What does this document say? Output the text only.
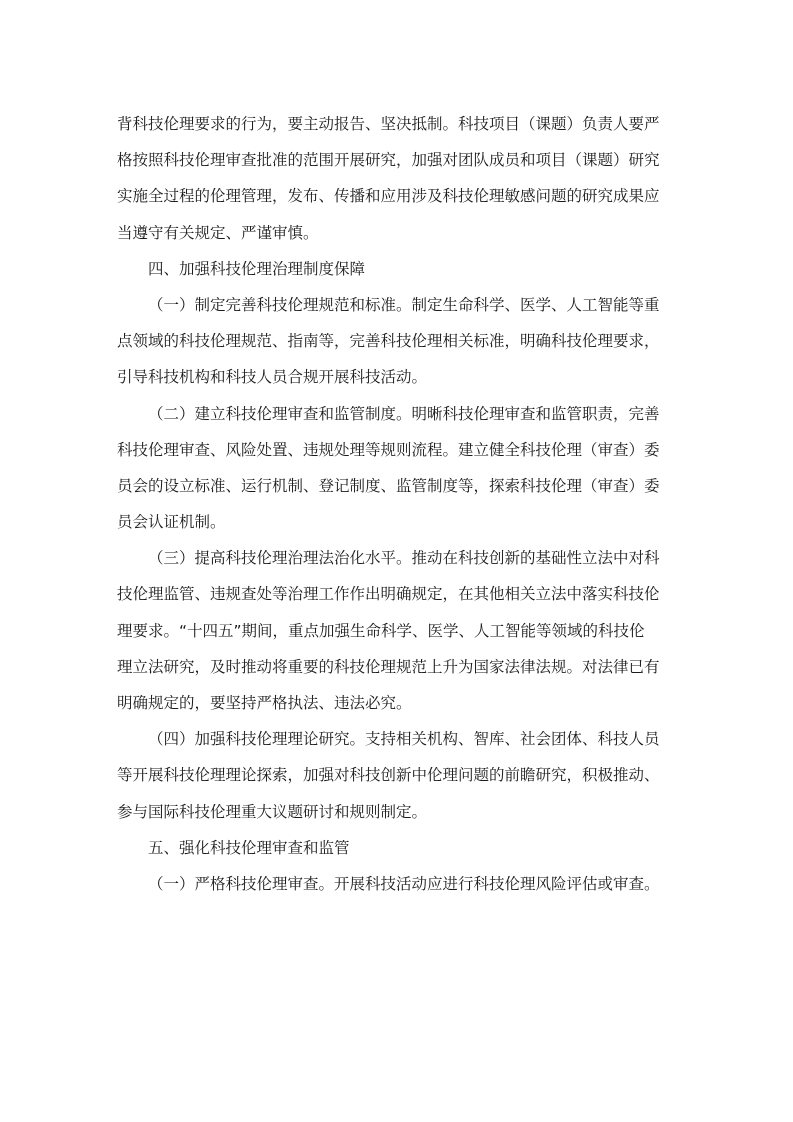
背科技伦理要求的行为，要主动报告、坚决抵制。科技项目（课题）负责人要严
格按照科技伦理审查批准的范围开展研究，加强对团队成员和项目（课题）研究
实施全过程的伦理管理，发布、传播和应用涉及科技伦理敏感问题的研究成果应
当遵守有关规定、严谨审慎。
四、加强科技伦理治理制度保障
（一）制定完善科技伦理规范和标准。制定生命科学、医学、人工智能等重
点领域的科技伦理规范、指南等，完善科技伦理相关标准，明确科技伦理要求，
引导科技机构和科技人员合规开展科技活动。
（二）建立科技伦理审查和监管制度。明晰科技伦理审查和监管职责，完善
科技伦理审查、风险处置、违规处理等规则流程。建立健全科技伦理（审查）委
员会的设立标准、运行机制、登记制度、监管制度等，探索科技伦理（审查）委
员会认证机制。
（三）提高科技伦理治理法治化水平。推动在科技创新的基础性立法中对科
技伦理监管、违规查处等治理工作作出明确规定，在其他相关立法中落实科技伦
理要求。“十四五”期间，重点加强生命科学、医学、人工智能等领域的科技伦
理立法研究，及时推动将重要的科技伦理规范上升为国家法律法规。对法律已有
明确规定的，要坚持严格执法、违法必究。
（四）加强科技伦理理论研究。支持相关机构、智库、社会团体、科技人员
等开展科技伦理理论探索，加强对科技创新中伦理问题的前瞻研究，积极推动、
参与国际科技伦理重大议题研讨和规则制定。
五、强化科技伦理审查和监管
（一）严格科技伦理审查。开展科技活动应进行科技伦理风险评估或审查。
